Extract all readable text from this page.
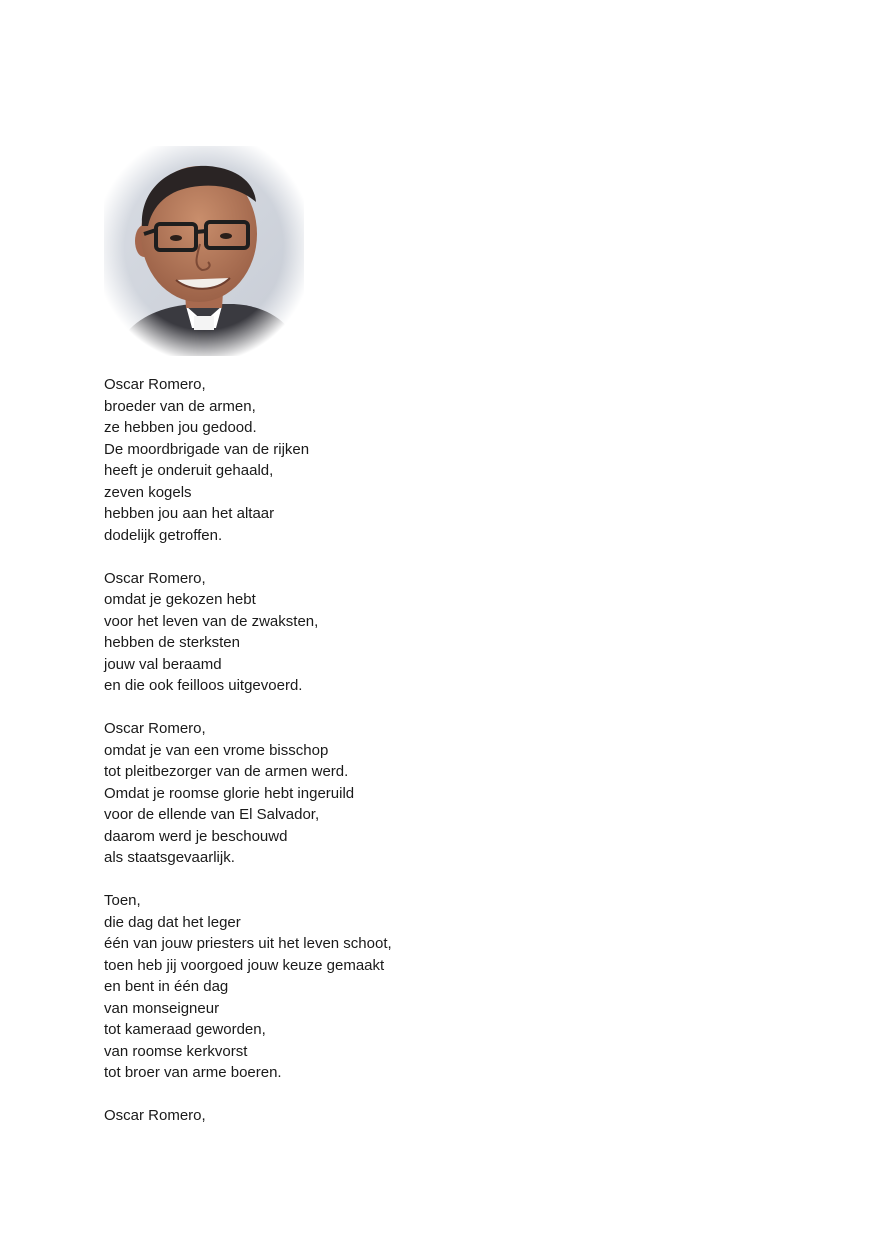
Oscar Romero,
broeder van de armen,
ze hebben jou gedood.
De moordbrigade van de rijken
heeft je onderuit gehaald,
zeven kogels
hebben jou aan het altaar
dodelijk getroffen.
Oscar Romero,
omdat je gekozen hebt
voor het leven van de zwaksten,
hebben de sterksten
jouw val beraamd
en die ook feilloos uitgevoerd.
Oscar Romero,
omdat je van een vrome bisschop
tot pleitbezorger van de armen werd.
Omdat je roomse glorie hebt ingeruild
voor de ellende van El Salvador,
daarom werd je beschouwd
als staatsgevaarlijk.
Toen,
die dag dat het leger
één van jouw priesters uit het leven schoot,
toen heb jij voorgoed jouw keuze gemaakt
en bent in één dag
van monseigneur
tot kameraad geworden,
van roomse kerkvorst
tot broer van arme boeren.
Oscar Romero,
